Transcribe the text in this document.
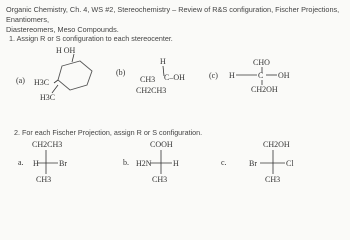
Organic Chemistry, Ch. 4, WS #2, Stereochemistry – Review of R&S configuration, Fischer Projections, Enantiomers,
Diastereomers, Meso Compounds.
1. Assign R or S configuration to each stereocenter.
(a)
H OH
H3C
H3C
(b)
H
CH3 C–OH
CH2CH3
(c)
CHO
H	C OH
CH2OH
2. For each Fischer Projection, assign R or S configuration.
a.
CH2CH3
H	Br
CH3
b.
COOH
H2N	H
CH3
c.
CH2OH
Br	Cl
CH3
